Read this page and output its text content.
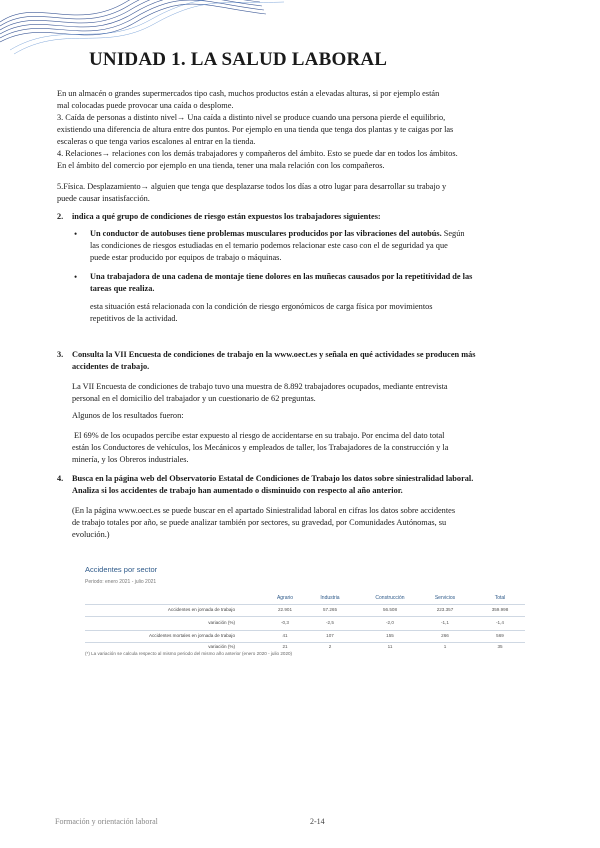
UNIDAD 1. LA SALUD LABORAL

En un almacén o grandes supermercados tipo cash, muchos productos están a elevadas alturas, si por ejemplo están

mal colocadas puede provocar una caída o desplome.

3. Caída de personas a distinto nivel→ Una caída a distinto nivel se produce cuando una persona pierde el equilibrio,

existiendo una diferencia de altura entre dos puntos. Por ejemplo en una tienda que tenga dos plantas y te caigas por las

escaleras o que tenga varios escalones al entrar en la tienda.

4. Relaciones→ relaciones con los demás trabajadores y compañeros del ámbito. Esto se puede dar en todos los ámbitos.

En el ámbito del comercio por ejemplo en una tienda, tener una mala relación con los compañeros.

5.Física. Desplazamiento→ alguien que tenga que desplazarse todos los días a otro lugar para desarrollar su trabajo y

puede causar insatisfacción.

2. indica a qué grupo de condiciones de riesgo están expuestos los trabajadores siguientes:

• Un conductor de autobuses tiene problemas musculares producidos por las vibraciones del autobús. Según

las condiciones de riesgos estudiadas en el temario podemos relacionar este caso con el de seguridad ya que

puede estar producido por equipos de trabajo o máquinas.

• Una trabajadora de una cadena de montaje tiene dolores en las muñecas causados por la repetitividad de las

tareas que realiza.

esta situación está relacionada con la condición de riesgo ergonómicos de carga física por movimientos

repetitivos de la actividad.

3. Consulta la VII Encuesta de condiciones de trabajo en la www.oect.es y señala en qué actividades se producen más

accidentes de trabajo.

La VII Encuesta de condiciones de trabajo tuvo una muestra de 8.892 trabajadores ocupados, mediante entrevista

personal en el domicilio del trabajador y un cuestionario de 62 preguntas.

Algunos de los resultados fueron:

El 69% de los ocupados percibe estar expuesto al riesgo de accidentarse en su trabajo. Por encima del dato total

están los Conductores de vehículos, los Mecánicos y empleados de taller, los Trabajadores de la construcción y la

minería, y los Obreros industriales.

4. Busca en la página web del Observatorio Estatal de Condiciones de Trabajo los datos sobre siniestralidad laboral.

Analiza si los accidentes de trabajo han aumentado o disminuido con respecto al año anterior.

(En la página www.oect.es se puede buscar en el apartado Siniestralidad laboral en cifras los datos sobre accidentes

de trabajo totales por año, se puede analizar también por sectores, su gravedad, por Comunidades Autónomas, su

evolución.)

Accidentes por sector
Periodo: enero 2021 - julio 2021
Agrario	Industria	Construcción	Servicios	Total
Accidentes en jornada de trabajo	22.901	57.265	56.508	223.357	359.998
variación (%)	-0,3	-2,5	-2,0	-1,1	-1,4
Accidentes mortales en jornada de trabajo	41	107	155	266	569
variación (%)	21	2	11	1	35
(*) La variación se calcula respecto al mismo periodo del mismo año anterior (enero 2020 - julio 2020)
Formación y orientación laboral	2-14
